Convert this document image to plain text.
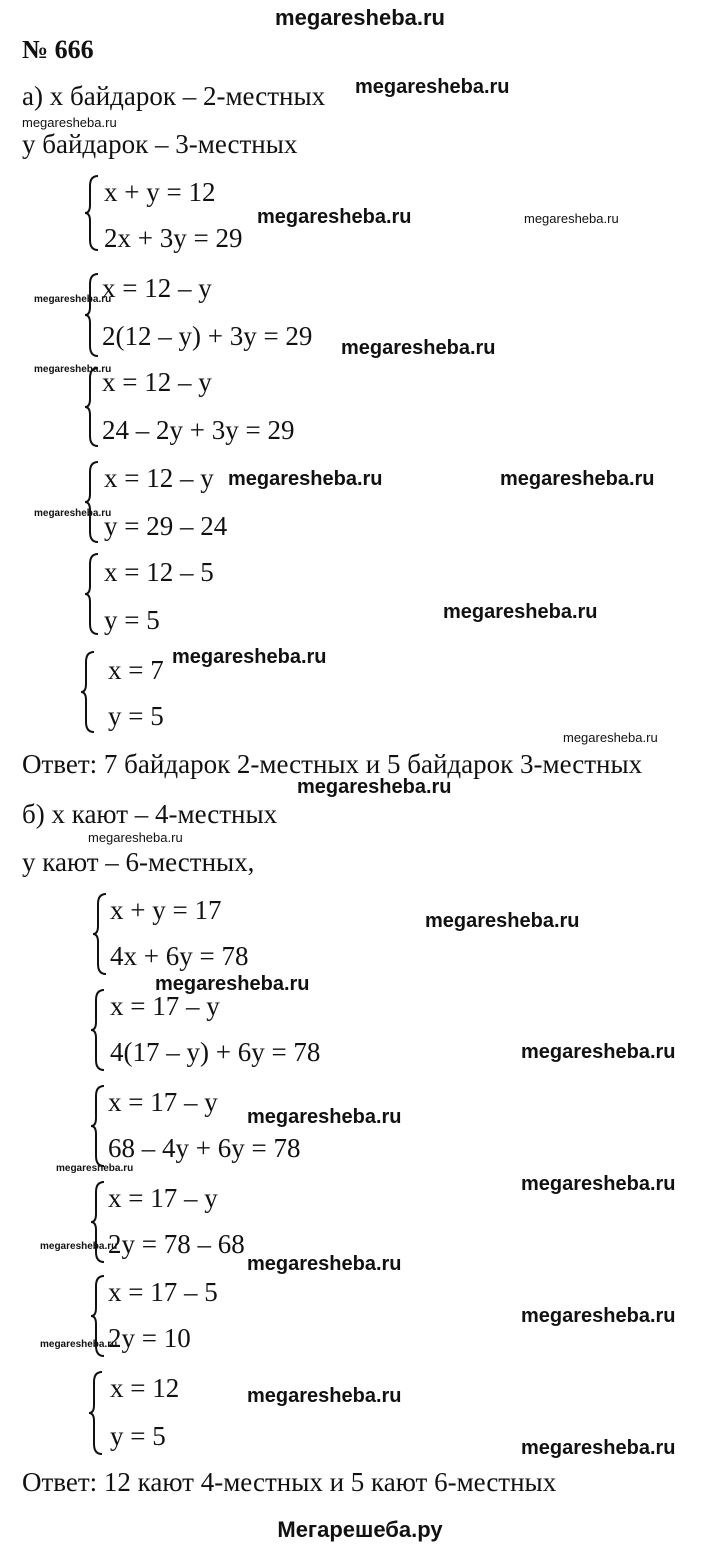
megaresheba.ru
№ 666
а) x байдарок – 2-местных
y байдарок – 3-местных
x + y = 12
2x + 3y = 29
x = 12 – y
2(12 – y) + 3y = 29
x = 12 – y
24 – 2y + 3y = 29
x = 12 – y
y = 29 – 24
x = 12 – 5
y = 5
x = 7
y = 5
Ответ: 7 байдарок 2-местных и 5 байдарок 3-местных
б) x кают – 4-местных
y кают – 6-местных,
x + y = 17
4x + 6y = 78
x = 17 – y
4(17 – y) + 6y = 78
x = 17 – y
68 – 4y + 6y = 78
x = 17 – y
2y = 78 – 68
x = 17 – 5
2y = 10
x = 12
y = 5
Ответ: 12 кают 4-местных и 5 кают 6-местных
megaresheba.ru
megaresheba.ru
megaresheba.ru	megaresheba.ru
megaresheba.ru
megaresheba.ru
megaresheba.ru
megaresheba.ru	megaresheba.ru
megaresheba.ru
megaresheba.ru
megaresheba.ru
megaresheba.ru
megaresheba.ru
megaresheba.ru
megaresheba.ru
megaresheba.ru
megaresheba.ru
megaresheba.ru
megaresheba.ru
megaresheba.ru
megaresheba.ru
megaresheba.ru
megaresheba.ru
megaresheba.ru
megaresheba.ru
megaresheba.ru
Мегарешеба.ру
